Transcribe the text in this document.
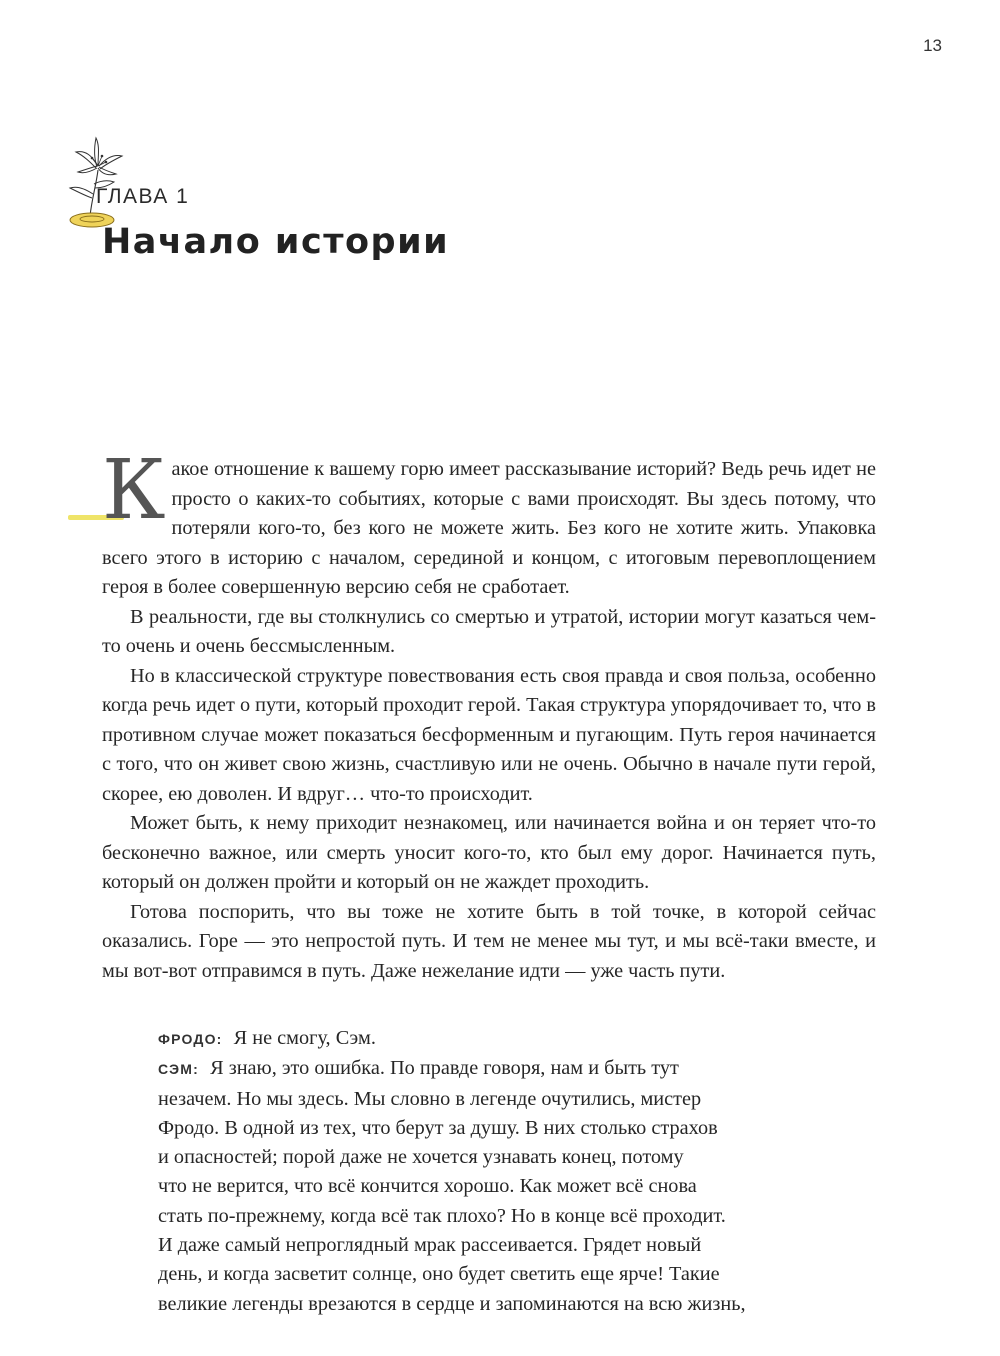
13
ГЛАВА 1
Начало истории

Какое отношение к вашему горю имеет рассказывание историй? Ведь речь идет не просто о каких-то событиях, которые с вами происходят. Вы здесь потому, что потеряли кого-то, без кого не можете жить. Без кого не хотите жить. Упаковка всего этого в историю с началом, серединой и концом, с итоговым перевоплощением героя в более совершенную версию себя не сработает.

В реальности, где вы столкнулись со смертью и утратой, истории могут казаться чем-то очень и очень бессмысленным.

Но в классической структуре повествования есть своя правда и своя польза, особенно когда речь идет о пути, который проходит герой. Такая структура упорядочивает то, что в противном случае может показаться бесформенным и пугающим. Путь героя начинается с того, что он живет свою жизнь, счастливую или не очень. Обычно в начале пути герой, скорее, ею доволен. И вдруг… что-то происходит.

Может быть, к нему приходит незнакомец, или начинается война и он теряет что-то бесконечно важное, или смерть уносит кого-то, кто был ему дорог. Начинается путь, который он должен пройти и который он не жаждет проходить.

Готова поспорить, что вы тоже не хотите быть в той точке, в которой сейчас оказались. Горе — это непростой путь. И тем не менее мы тут, и мы всё-таки вместе, и мы вот-вот отправимся в путь. Даже нежелание идти — уже часть пути.

ФРОДО: Я не смогу, Сэм.
СЭМ: Я знаю, это ошибка. По правде говоря, нам и быть тут
незачем. Но мы здесь. Мы словно в легенде очутились, мистер
Фродо. В одной из тех, что берут за душу. В них столько страхов
и опасностей; порой даже не хочется узнавать конец, потому
что не верится, что всё кончится хорошо. Как может всё снова
стать по-прежнему, когда всё так плохо? Но в конце всё проходит.
И даже самый непроглядный мрак рассеивается. Грядет новый
день, и когда засветит солнце, оно будет светить еще ярче! Такие
великие легенды врезаются в сердце и запоминаются на всю жизнь,
